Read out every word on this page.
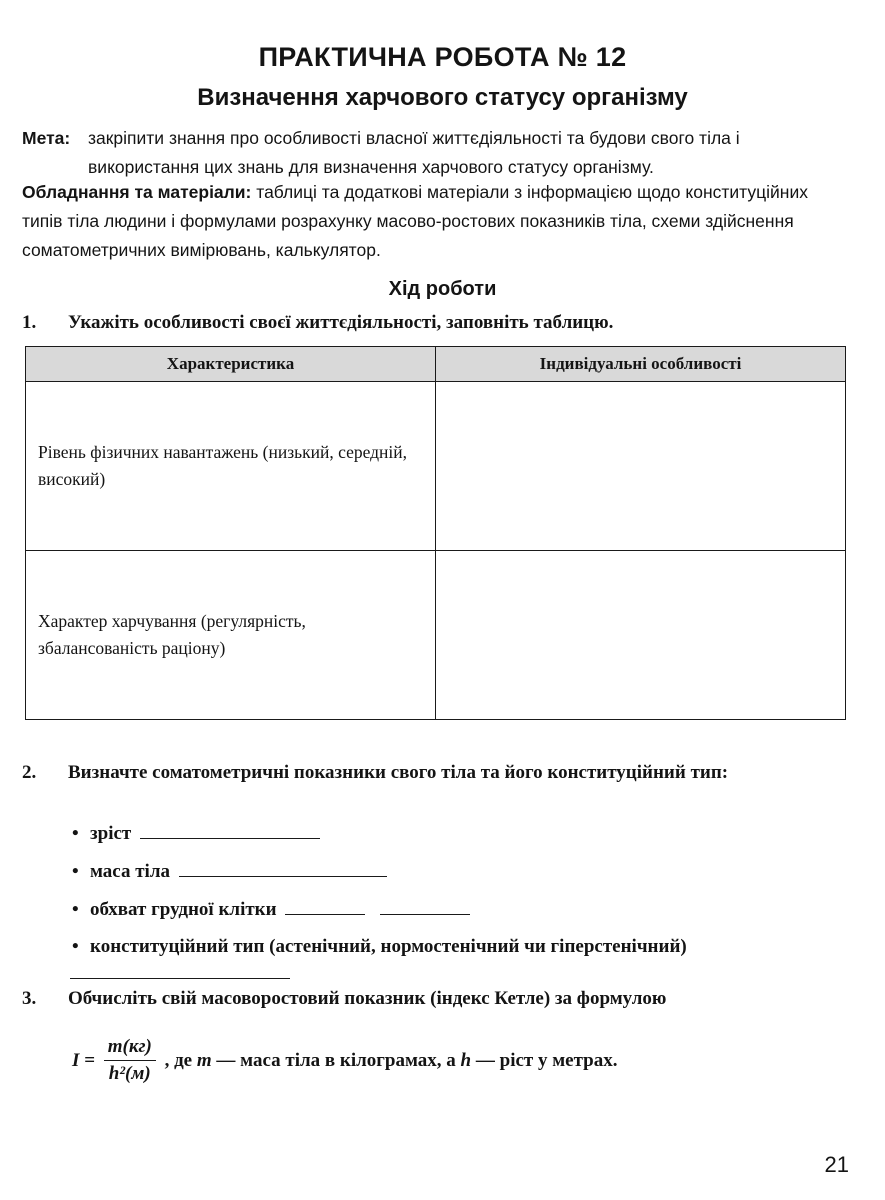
ПРАКТИЧНА РОБОТА № 12
Визначення харчового статусу організму
Мета:	закріпити знання про особливості власної життєдіяльності та будови свого тіла і використання цих знань для визначення харчового статусу організму.
Обладнання та матеріали: таблиці та додаткові матеріали з інформацією щодо конституційних типів тіла людини і формулами розрахунку масово-ростових показників тіла, схеми здійснення соматометричних вимірювань, калькулятор.
Хід роботи
1. Укажіть особливості своєї життєдіяльності, заповніть таблицю.
Характеристика	Індивідуальні особливості
Рівень фізичних навантажень (низький, середній, високий)	
Характер харчування (регулярність, збалансованість раціону)	
2. Визначте соматометричні показники свого тіла та його конституційний тип:
• зріст
• маса тіла
• обхват грудної клітки
• конституційний тип (астенічний, нормостенічний чи гіперстенічний)
3. Обчисліть свій масоворостовий показник (індекс Кетле) за формулою
$I = \frac{m(кг)}{\text{h²(м)}}$ , де m — маса тіла в кілограмах, а h — ріст у метрах.
21
